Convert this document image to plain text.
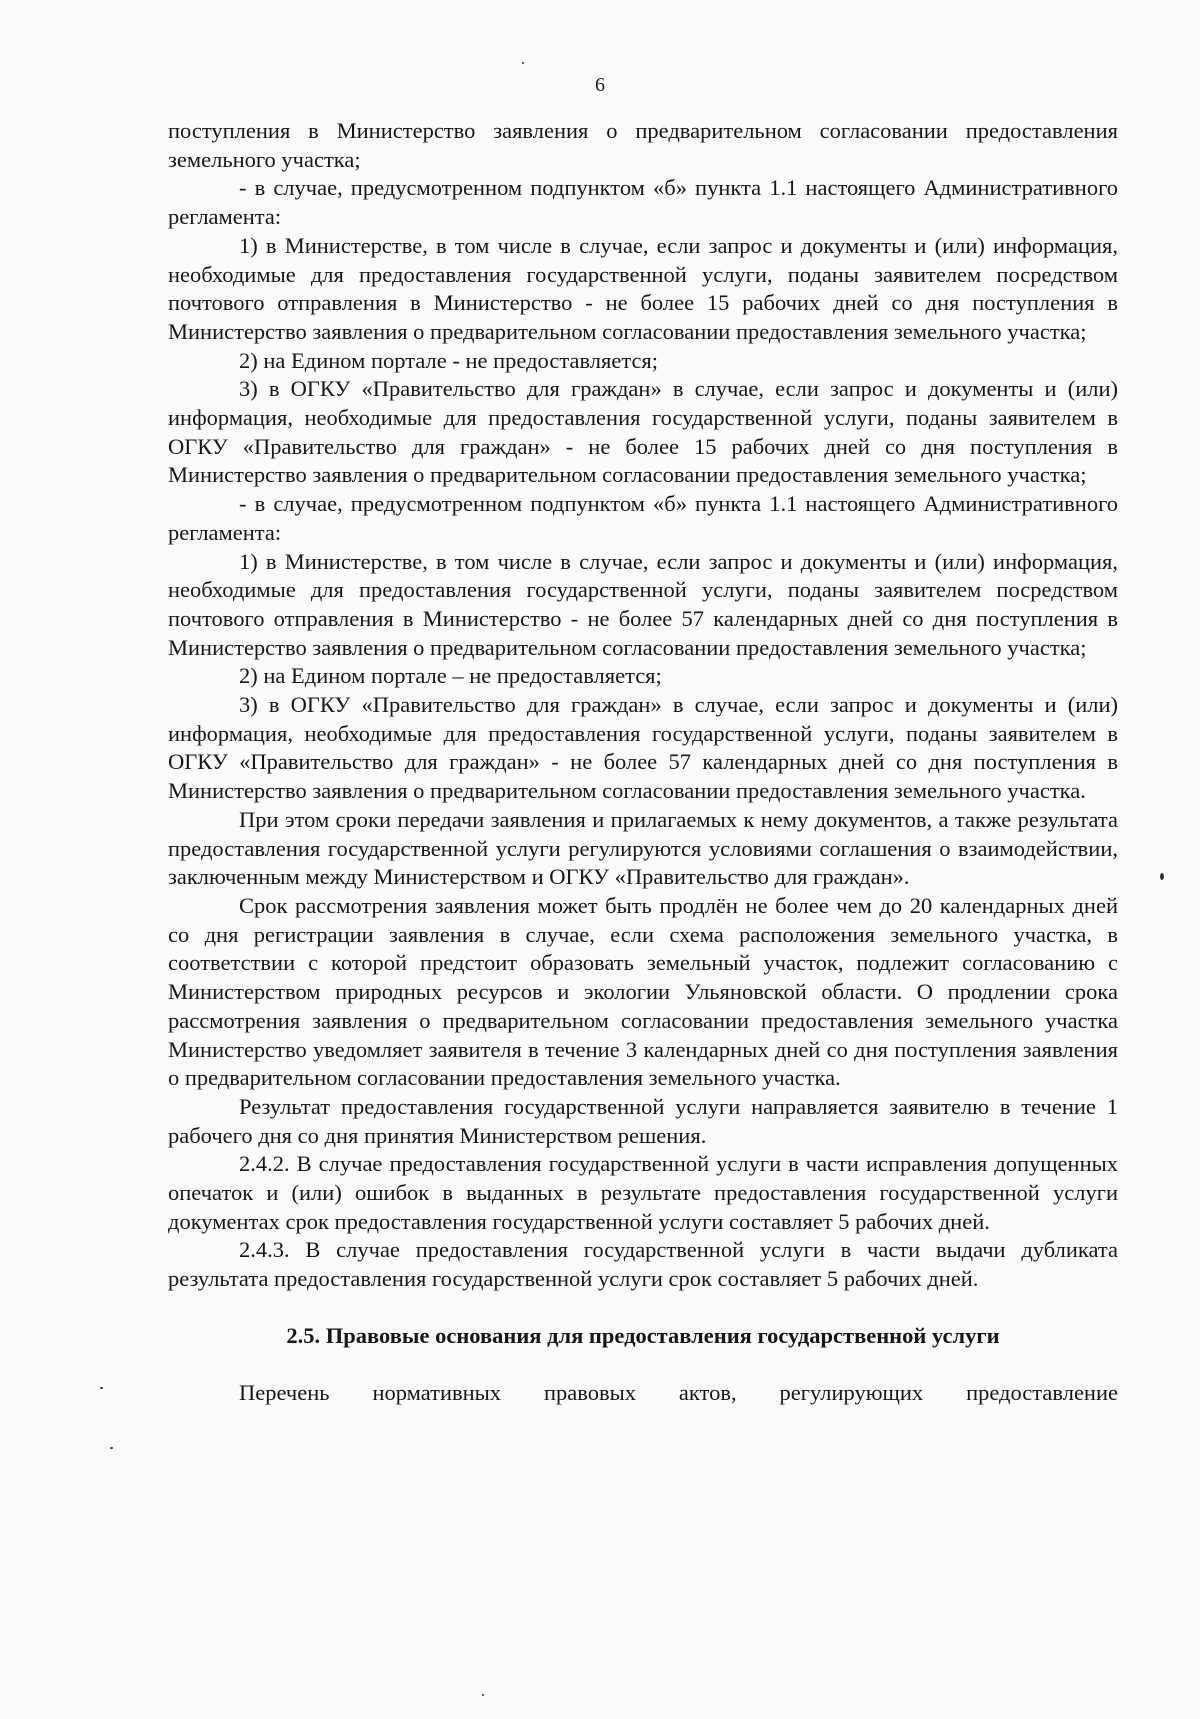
6

поступления в Министерство заявления о предварительном согласовании предоставления земельного участка;

- в случае, предусмотренном подпунктом «б» пункта 1.1 настоящего Административного регламента:

1) в Министерстве, в том числе в случае, если запрос и документы и (или) информация, необходимые для предоставления государственной услуги, поданы заявителем посредством почтового отправления в Министерство - не более 15 рабочих дней со дня поступления в Министерство заявления о предварительном согласовании предоставления земельного участка;

2) на Едином портале - не предоставляется;

3) в ОГКУ «Правительство для граждан» в случае, если запрос и документы и (или) информация, необходимые для предоставления государственной услуги, поданы заявителем в ОГКУ «Правительство для граждан» - не более 15 рабочих дней со дня поступления в Министерство заявления о предварительном согласовании предоставления земельного участка;

- в случае, предусмотренном подпунктом «б» пункта 1.1 настоящего Административного регламента:

1) в Министерстве, в том числе в случае, если запрос и документы и (или) информация, необходимые для предоставления государственной услуги, поданы заявителем посредством почтового отправления в Министерство - не более 57 календарных дней со дня поступления в Министерство заявления о предварительном согласовании предоставления земельного участка;

2) на Едином портале – не предоставляется;

3) в ОГКУ «Правительство для граждан» в случае, если запрос и документы и (или) информация, необходимые для предоставления государственной услуги, поданы заявителем в ОГКУ «Правительство для граждан» - не более 57 календарных дней со дня поступления в Министерство заявления о предварительном согласовании предоставления земельного участка.

При этом сроки передачи заявления и прилагаемых к нему документов, а также результата предоставления государственной услуги регулируются условиями соглашения о взаимодействии, заключенным между Министерством и ОГКУ «Правительство для граждан».

Срок рассмотрения заявления может быть продлён не более чем до 20 календарных дней со дня регистрации заявления в случае, если схема расположения земельного участка, в соответствии с которой предстоит образовать земельный участок, подлежит согласованию с Министерством природных ресурсов и экологии Ульяновской области. О продлении срока рассмотрения заявления о предварительном согласовании предоставления земельного участка Министерство уведомляет заявителя в течение 3 календарных дней со дня поступления заявления о предварительном согласовании предоставления земельного участка.

Результат предоставления государственной услуги направляется заявителю в течение 1 рабочего дня со дня принятия Министерством решения.

2.4.2. В случае предоставления государственной услуги в части исправления допущенных опечаток и (или) ошибок в выданных в результате предоставления государственной услуги документах срок предоставления государственной услуги составляет 5 рабочих дней.

2.4.3. В случае предоставления государственной услуги в части выдачи дубликата результата предоставления государственной услуги срок составляет 5 рабочих дней.

2.5. Правовые основания для предоставления государственной услуги

Перечень нормативных правовых актов, регулирующих предоставление
